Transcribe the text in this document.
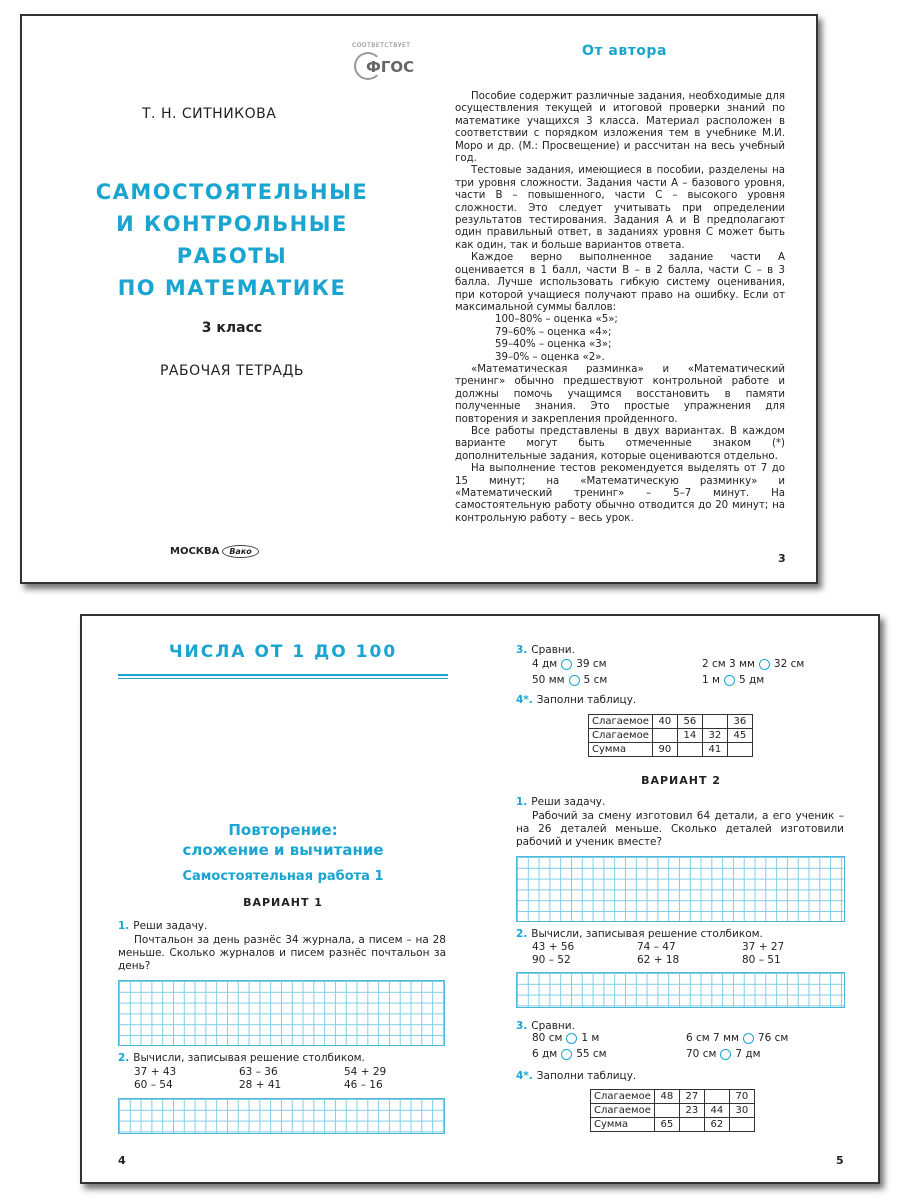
СООТВЕТСТВУЕТ
ФГОС
Т. Н. СИТНИКОВА
САМОСТОЯТЕЛЬНЫЕ
И КОНТРОЛЬНЫЕ
РАБОТЫ
ПО МАТЕМАТИКЕ
3 класс
РАБОЧАЯ ТЕТРАДЬ
МОСКВА	Вако
От автора

Пособие содержит различные задания, необходимые для осуществления текущей и итоговой проверки знаний по математике учащихся 3 класса. Материал расположен в соответствии с порядком изложения тем в учебнике М.И. Моро и др. (М.: Просвещение) и рассчитан на весь учебный год.

Тестовые задания, имеющиеся в пособии, разделены на три уровня сложности. Задания части А – базового уровня, части В – повышенного, части С – высокого уровня сложности. Это следует учитывать при определении результатов тестирования. Задания А и В предполагают один правильный ответ, в заданиях уровня С может быть как один, так и больше вариантов ответа.

Каждое верно выполненное задание части А оценивается в 1 балл, части В – в 2 балла, части С – в 3 балла. Лучше использовать гибкую систему оценивания, при которой учащиеся получают право на ошибку. Если от максимальной суммы баллов:

100–80% – оценка «5»;

79–60% – оценка «4»;

59–40% – оценка «3»;

39–0% – оценка «2».

«Математическая разминка» и «Математический тренинг» обычно предшествуют контрольной работе и должны помочь учащимся восстановить в памяти полученные знания. Это простые упражнения для повторения и закрепления пройденного.

Все работы представлены в двух вариантах. В каждом варианте могут быть отмеченные знаком (*) дополнительные задания, которые оцениваются отдельно.

На выполнение тестов рекомендуется выделять от 7 до 15 минут; на «Математическую разминку» и «Математический тренинг» – 5–7 минут. На самостоятельную работу обычно отводится до 20 минут; на контрольную работу – весь урок.

3
ЧИСЛА ОТ 1 ДО 100
Повторение:
сложение и вычитание
Самостоятельная работа 1
ВАРИАНТ 1
1. Реши задачу.
Почтальон за день разнёс 34 журнала, а писем – на 28 меньше. Сколько журналов и писем разнёс почтальон за день?
2. Вычисли, записывая решение столбиком.
37 + 43	63 – 36	54 + 29
60 – 54	28 + 41	46 – 16
4
3. Сравни.
4 дм 39 см	2 см 3 мм 32 см
50 мм 5 см	1 м 5 дм
4*. Заполни таблицу.
Слагаемое	40	56		36
Слагаемое		14	32	45
Сумма	90		41	
ВАРИАНТ 2
1. Реши задачу.
Рабочий за смену изготовил 64 детали, а его ученик – на 26 деталей меньше. Сколько деталей изготовили рабочий и ученик вместе?
2. Вычисли, записывая решение столбиком.
43 + 56	74 – 47	37 + 27
90 – 52	62 + 18	80 – 51
3. Сравни.
80 см 1 м	6 см 7 мм 76 см
6 дм 55 см	70 см 7 дм
4*. Заполни таблицу.
Слагаемое	48	27		70
Слагаемое		23	44	30
Сумма	65		62	
5
